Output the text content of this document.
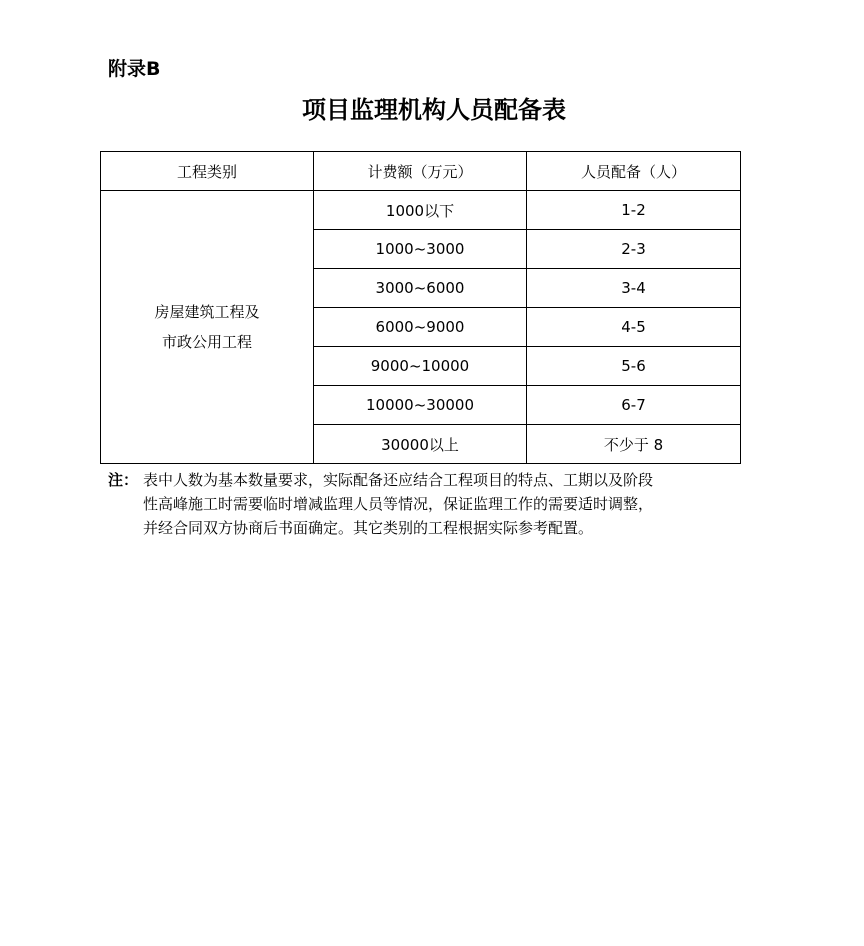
附录B
项目监理机构人员配备表
工程类别	计费额（万元）	人员配备（人）

房屋建筑工程及
市政公用工程	1000以下	1-2
	1000~3000	2-3
	3000~6000	3-4
	6000~9000	4-5
	9000~10000	5-6
	10000~30000	6-7
	30000以上	不少于 8
注： 表中人数为基本数量要求，实际配备还应结合工程项目的特点、工期以及阶段
性高峰施工时需要临时增减监理人员等情况，保证监理工作的需要适时调整，
并经合同双方协商后书面确定。其它类别的工程根据实际参考配置。
